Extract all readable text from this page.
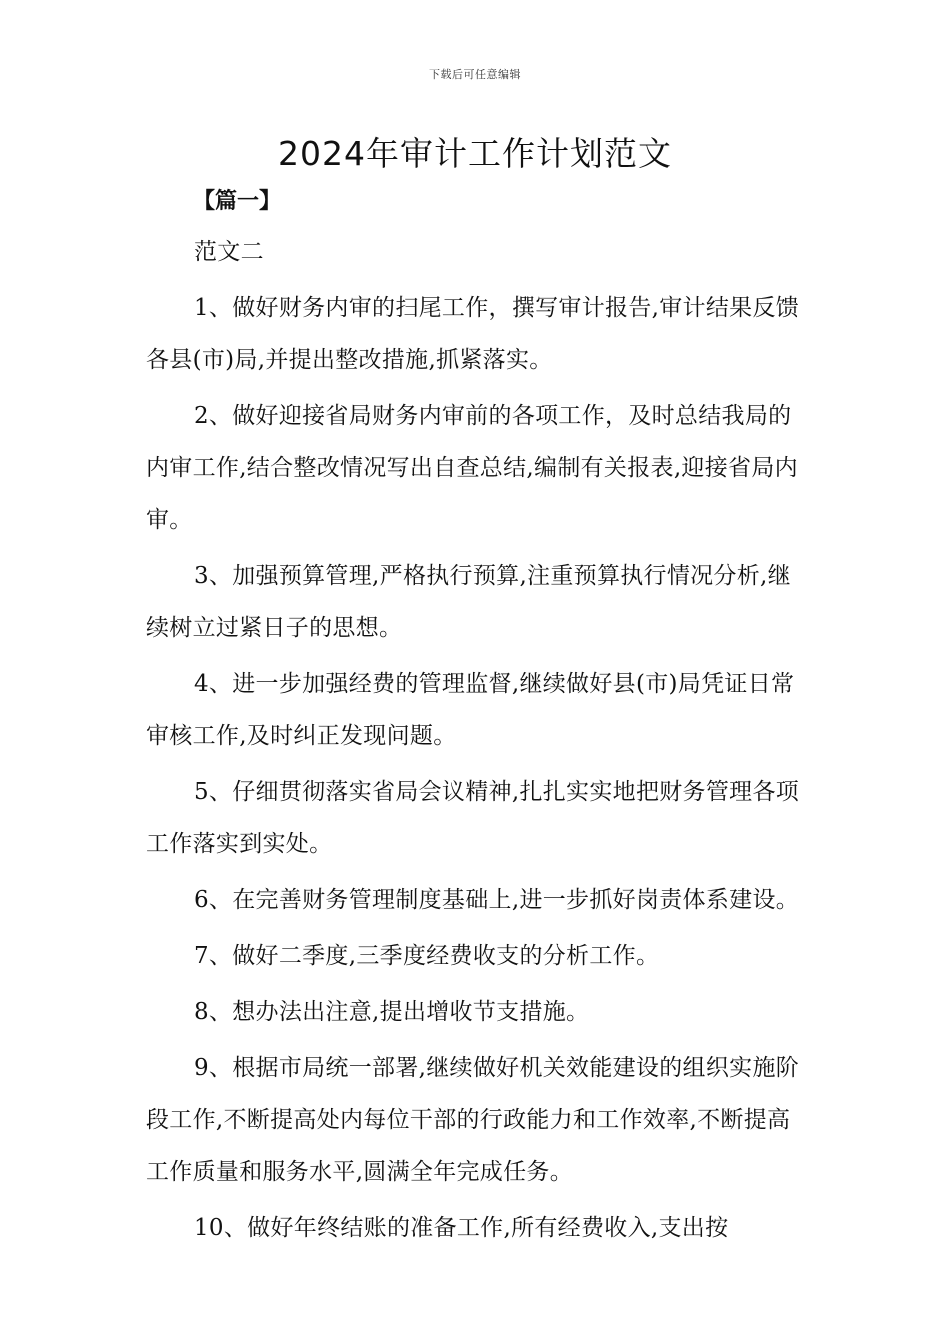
下载后可任意编辑
2024年审计工作计划范文
【篇一】

范文二

1、做好财务内审的扫尾工作，撰写审计报告,审计结果反馈各县(市)局,并提出整改措施,抓紧落实。

2、做好迎接省局财务内审前的各项工作，及时总结我局的内审工作,结合整改情况写出自查总结,编制有关报表,迎接省局内审。

3、加强预算管理,严格执行预算,注重预算执行情况分析,继续树立过紧日子的思想。

4、进一步加强经费的管理监督,继续做好县(市)局凭证日常审核工作,及时纠正发现问题。

5、仔细贯彻落实省局会议精神,扎扎实实地把财务管理各项工作落实到实处。

6、在完善财务管理制度基础上,进一步抓好岗责体系建设。

7、做好二季度,三季度经费收支的分析工作。

8、想办法出注意,提出增收节支措施。

9、根据市局统一部署,继续做好机关效能建设的组织实施阶段工作,不断提高处内每位干部的行政能力和工作效率,不断提高工作质量和服务水平,圆满全年完成任务。

10、做好年终结账的准备工作,所有经费收入,支出按
